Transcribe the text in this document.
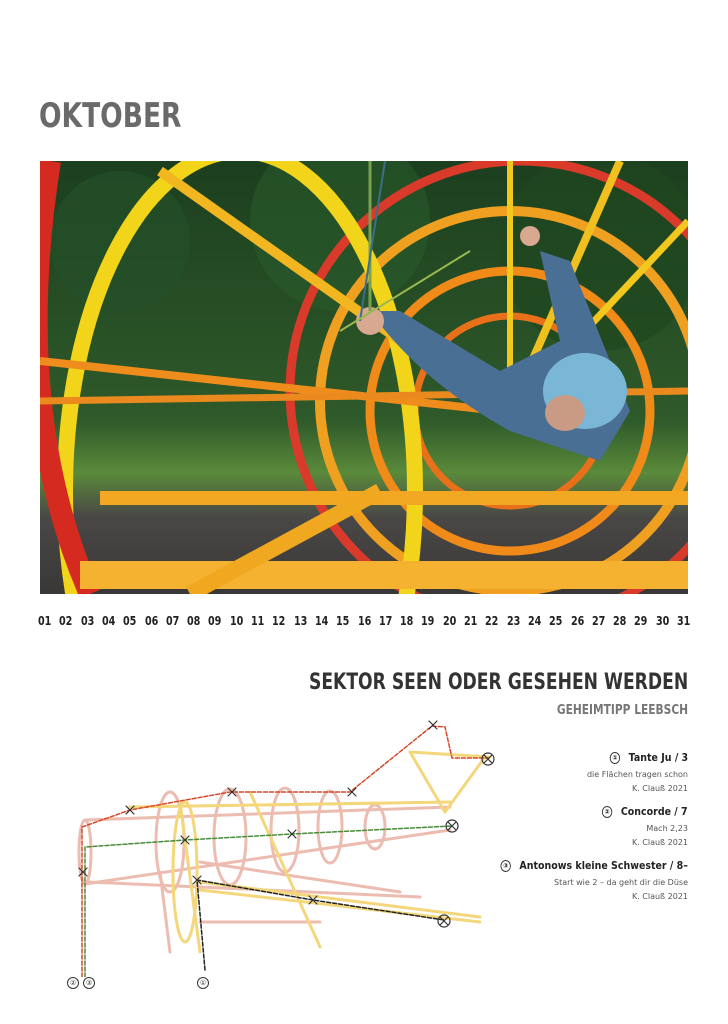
OKTOBER
01 02 03 04 05 06 07 08 09 10 11 12 13 14 15 16 17 18 19 20 21 22 23 24 25 26 27 28 29 30 31
SEKTOR SEEN ODER GESEHEN WERDEN
GEHEIMTIPP LEEBSCH
① Tante Ju / 3
die Flächen tragen schon
K. Clauß 2021
② Concorde / 7
Mach 2,23
K. Clauß 2021
③ Antonows kleine Schwester / 8–
Start wie 2 – da geht dir die Düse
K. Clauß 2021
②	③	①
